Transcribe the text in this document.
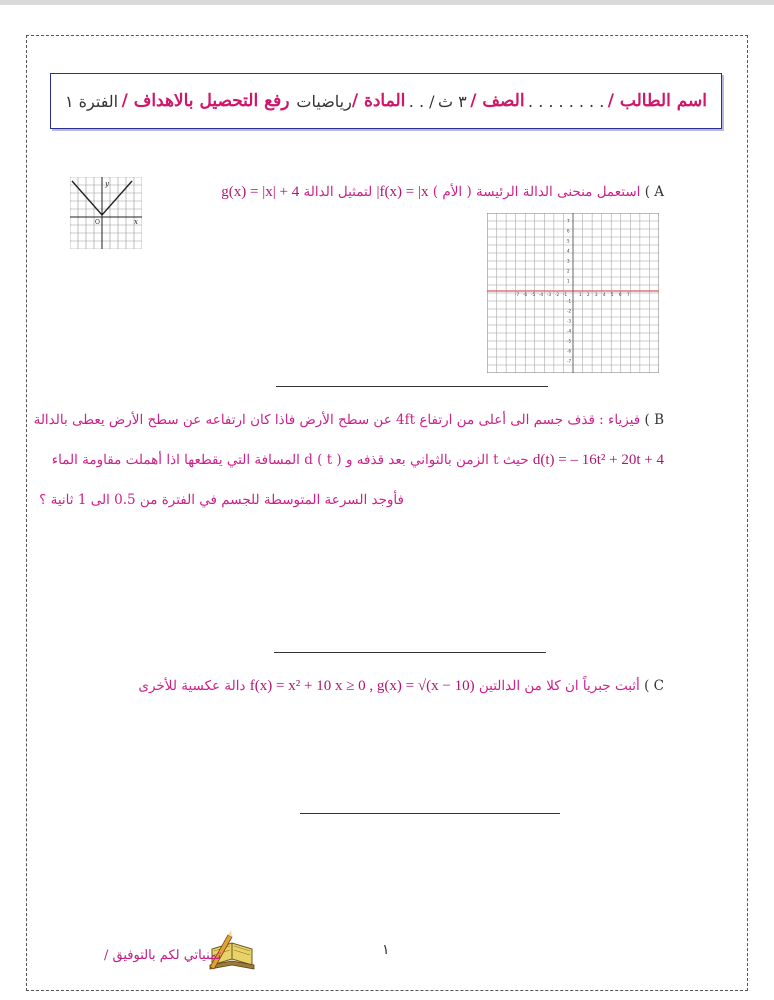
اسم الطالب /
. . . . . . . .
الصف /
٣ ث
/ . .
المادة /
رياضيات
رفع التحصيل بالاهداف /
الفترة ١
A ) استعمل منحنى الدالة الرئيسة ( الأم ) f(x) = |x| لتمثيل الدالة g(x) = |x| + 4
y
x
O
-7 -6 -5 -4 -3 -2 -1	1 2 3 4 5 6 7
7
6
5
4
3
2
1
-1
-2
-3
-4
-5
-6
-7
B ) فيزياء : قذف جسم الى أعلى من ارتفاع 4ft عن سطح الأرض فاذا كان ارتفاعه عن سطح الأرض يعطى بالدالة
d(t) = – 16t² + 20t + 4 حيث t الزمن بالثواني بعد قذفه و d ( t ) المسافة التي يقطعها اذا أهملت مقاومة الماء
فأوجد السرعة المتوسطة للجسم في الفترة من 0.5 الى 1 ثانية ؟
C ) أثبت جبرياً ان كلا من الدالتين f(x) = x² + 10 x ≥ 0 , g(x) = √(x − 10) دالة عكسية للأخرى
تمنياتي لكم بالتوفيق /	١
